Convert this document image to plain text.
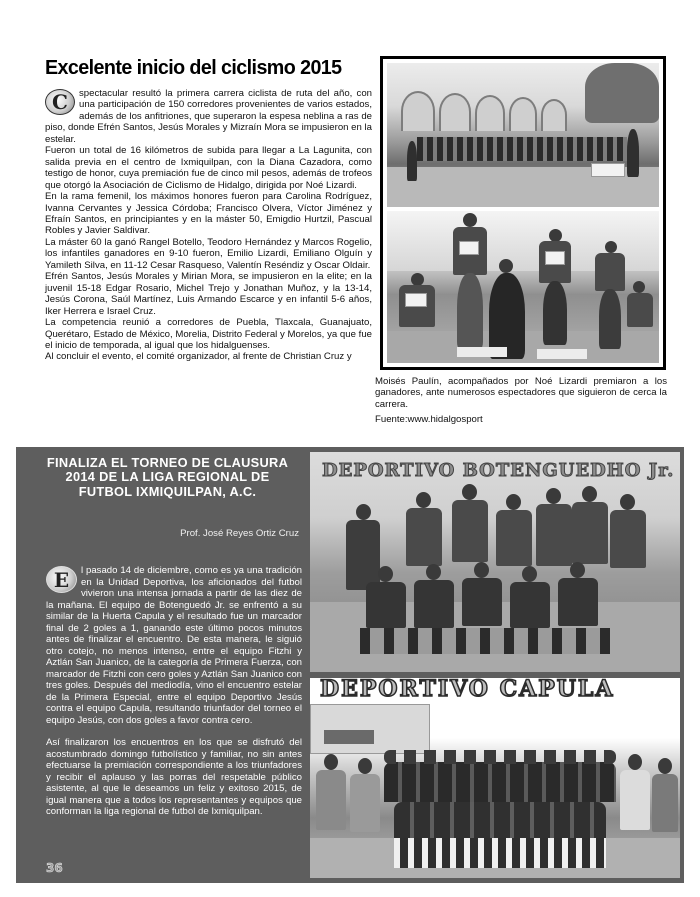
Excelente inicio del ciclismo 2015

C	spectacular resultó la primera carrera ciclista de ruta del año, con una participación de 150 corredores provenientes de varios estados, además de los anfitriones, que superaron la espesa neblina a ras de piso, donde Efrén Santos, Jesús Morales y Mizraín Mora se impusieron en la estelar.

Fueron un total de 16 kilómetros de subida para llegar a La Lagunita, con salida previa en el centro de Ixmiquilpan, con la Diana Cazadora, como testigo de honor, cuya premiación fue de cinco mil pesos, además de trofeos que otorgó la Asociación de Ciclismo de Hidalgo, dirigida por Noé Lizardi.

En la rama femenil, los máximos honores fueron para Carolina Rodríguez, Ivanna Cervantes y Jessica Córdoba; Francisco Olvera, Víctor Jiménez y Efraín Santos, en principiantes y en la máster 50, Emigdio Hurtzil, Pascual Robles y Javier Saldivar.

La máster 60 la ganó Rangel Botello, Teodoro Hernández y Marcos Rogelio, los infantiles ganadores en 9-10 fueron, Emilio Lizardi, Emiliano Olguín y Yamileth Silva, en 11-12 Cesar Rasqueso, Valentín Reséndiz y Oscar Oldair.

Efrén Santos, Jesús Morales y Mirian Mora, se impusieron en la elite; en la juvenil 15-18 Edgar Rosario, Michel Trejo y Jonathan Muñoz, y la 13-14, Jesús Corona, Saúl Martínez, Luis Armando Escarce y en infantil 5-6 años, Iker Herrera e Israel Cruz.

La competencia reunió a corredores de Puebla, Tlaxcala, Guanajuato, Querétaro, Estado de México, Morelia, Distrito Federal y Morelos, ya que fue el inicio de temporada, al igual que los hidalguenses.

Al concluir el evento, el comité organizador, al frente de Christian Cruz y

Moisés Paulín, acompañados por Noé Lizardi premiaron a los ganadores, ante numerosos espectadores que siguieron de cerca la carrera.
Fuente:www.hidalgosport
FINALIZA EL TORNEO DE CLAUSURA 2014 DE LA LIGA REGIONAL DE FUTBOL IXMIQUILPAN, A.C.
Prof. José Reyes Ortiz Cruz

E	l pasado 14 de diciembre, como es ya una tradición en la Unidad Deportiva, los aficionados del futbol vivieron una intensa jornada a partir de las diez de la mañana. El equipo de Botenguedó Jr. se enfrentó a su similar de la Huerta Capula y el resultado fue un marcador final de 2 goles a 1, ganando este último pocos minutos antes de finalizar el encuentro. De esta manera, le siguió otro cotejo, no menos intenso, entre el equipo Fitzhi y Aztlán San Juanico, de la categoría de Primera Fuerza, con marcador de Fitzhi con cero goles y Aztlán San Juanico con tres goles. Después del mediodía, vino el encuentro estelar de la Primera Especial, entre el equipo Deportivo Jesús contra el equipo Capula, resultando triunfador del torneo el equipo Jesús, con dos goles a favor contra cero.

Así finalizaron los encuentros en los que se disfrutó del acostumbrado domingo futbolístico y familiar, no sin antes efectuarse la premiación correspondiente a los triunfadores y recibir el aplauso y las porras del respetable público asistente, al que le deseamos un feliz y exitoso 2015, de igual manera que a todos los representantes y equipos que conforman la liga regional de futbol de Ixmiquilpan.

36
DEPORTIVO BOTENGUEDHO Jr.
DEPORTIVO CAPULA
